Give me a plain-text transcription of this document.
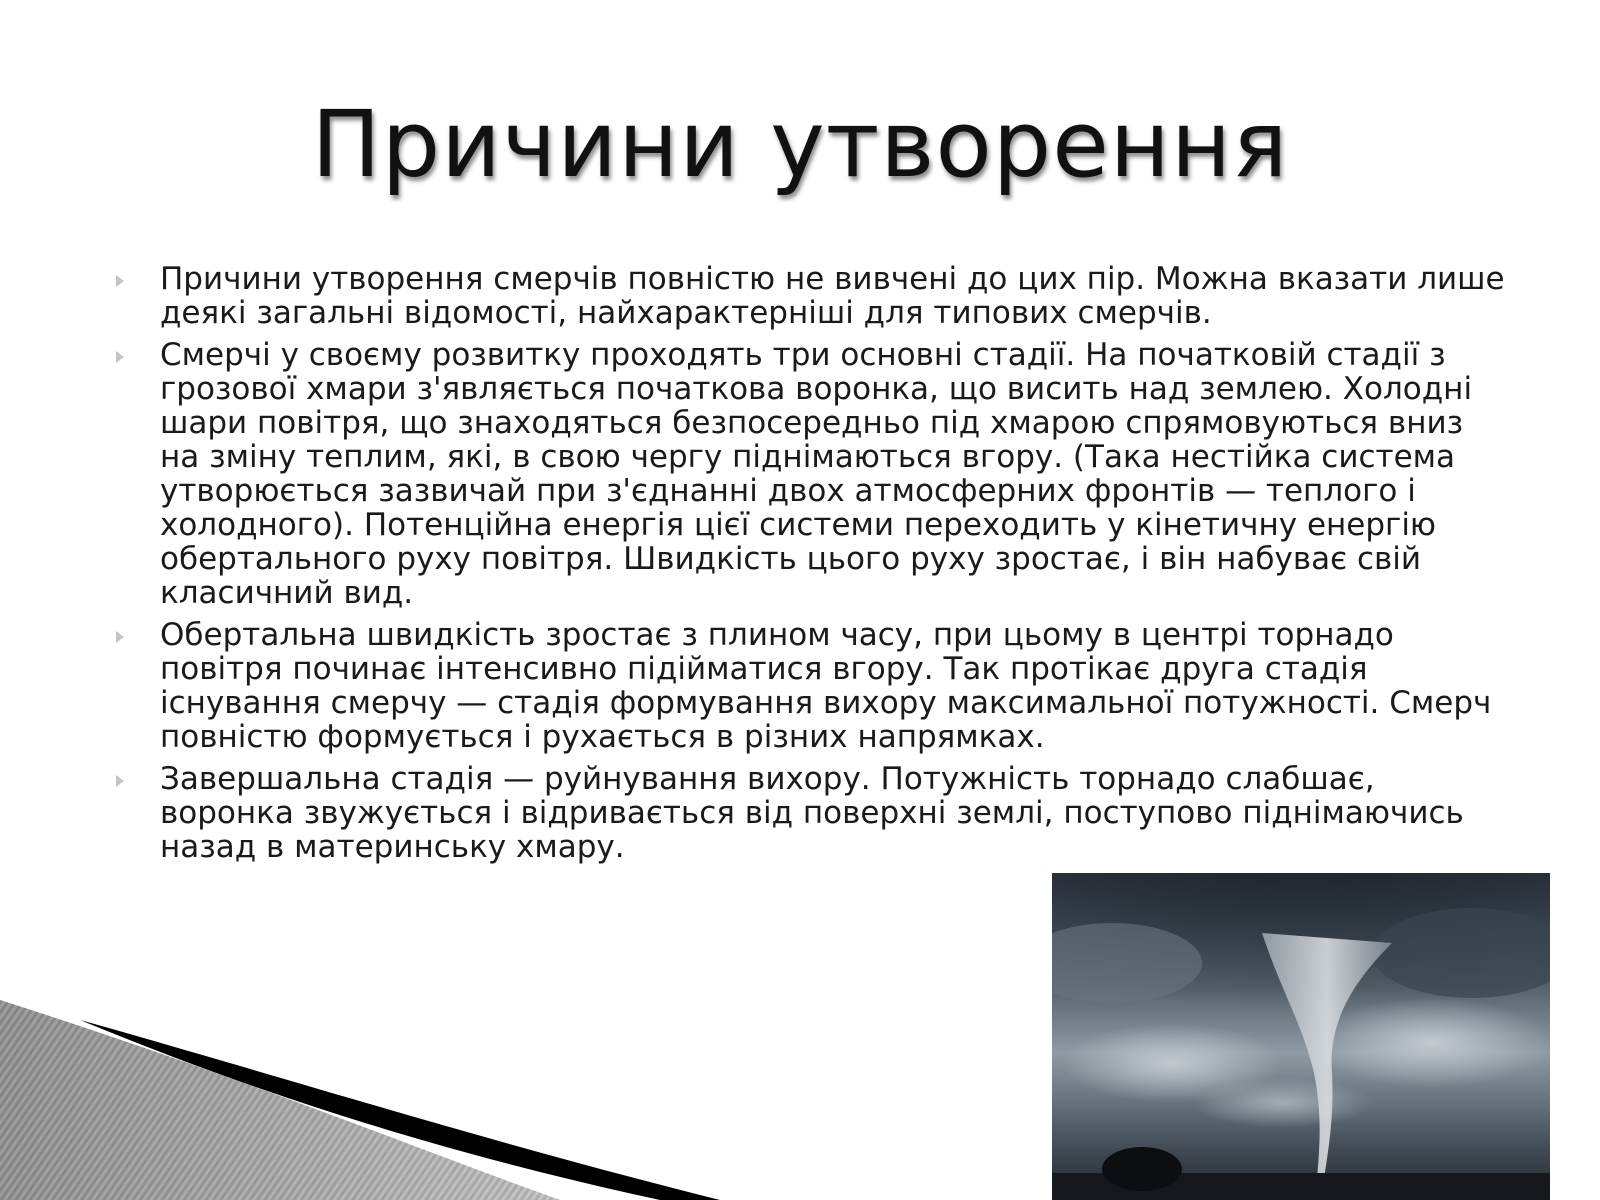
Причини утворення
Причини утворення смерчів повністю не вивчені до цих пір. Можна вказати лише деякі загальні відомості, найхарактерніші для типових смерчів.
Смерчі у своєму розвитку проходять три основні стадії. На початковій стадії з грозової хмари з'являється початкова воронка, що висить над землею. Холодні шари повітря, що знаходяться безпосередньо під хмарою спрямовуються вниз на зміну теплим, які, в свою чергу піднімаються вгору. (Така нестійка система утворюється зазвичай при з'єднанні двох атмосферних фронтів — теплого і холодного). Потенційна енергія цієї системи переходить у кінетичну енергію обертального руху повітря. Швидкість цього руху зростає, і він набуває свій класичний вид.
Обертальна швидкість зростає з плином часу, при цьому в центрі торнадо повітря починає інтенсивно підійматися вгору. Так протікає друга стадія існування смерчу — стадія формування вихору максимальної потужності. Смерч повністю формується і рухається в різних напрямках.
Завершальна стадія — руйнування вихору. Потужність торнадо слабшає, воронка звужується і відривається від поверхні землі, поступово піднімаючись назад в материнську хмару.
